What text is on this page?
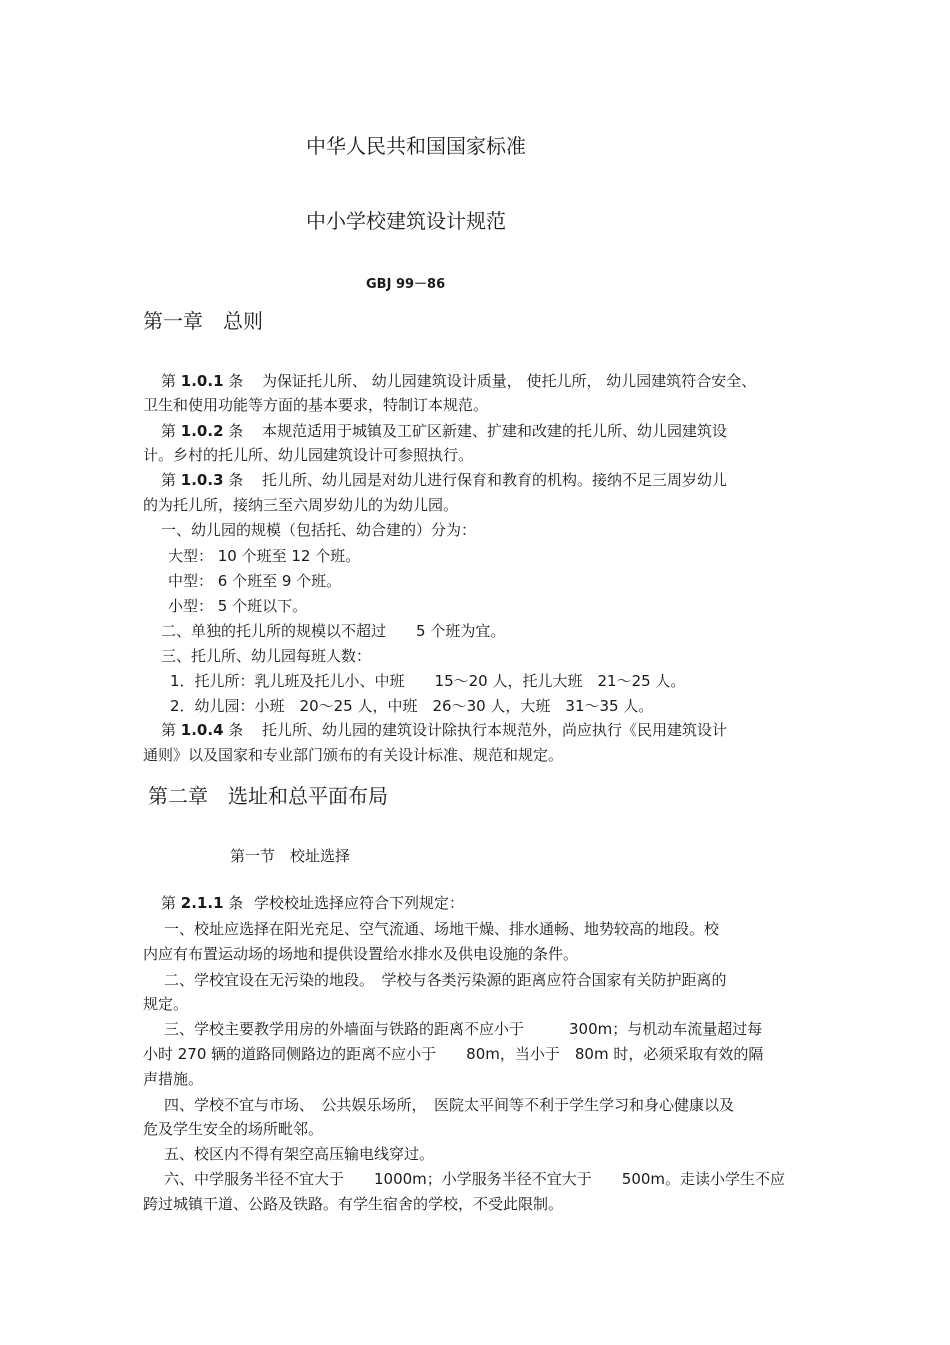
中华人民共和国国家标准
中小学校建筑设计规范
GBJ 99－86
第一章　总则
第 1.0.1 条 为保证托儿所、 幼儿园建筑设计质量， 使托儿所， 幼儿园建筑符合安全、
卫生和使用功能等方面的基本要求，特制订本规范。
第 1.0.2 条 本规范适用于城镇及工矿区新建、扩建和改建的托儿所、幼儿园建筑设
计。乡村的托儿所、幼儿园建筑设计可参照执行。
第 1.0.3 条 托儿所、幼儿园是对幼儿进行保育和教育的机构。接纳不足三周岁幼儿
的为托儿所，接纳三至六周岁幼儿的为幼儿园。
一、幼儿园的规模（包括托、幼合建的）分为：
大型： 10 个班至 12 个班。
中型： 6 个班至 9 个班。
小型： 5 个班以下。
二、单独的托儿所的规模以不超过　　5 个班为宜。
三、托儿所、幼儿园每班人数：
1．托儿所：乳儿班及托儿小、中班　　15～20 人，托儿大班　21～25 人。
2．幼儿园：小班　20～25 人，中班　26～30 人，大班　31～35 人。
第 1.0.4 条 托儿所、幼儿园的建筑设计除执行本规范外，尚应执行《民用建筑设计
通则》以及国家和专业部门颁布的有关设计标准、规范和规定。
第二章　选址和总平面布局
第一节　校址选择
第 2.1.1 条 学校校址选择应符合下列规定：
一、校址应选择在阳光充足、空气流通、场地干燥、排水通畅、地势较高的地段。校
内应有布置运动场的场地和提供设置给水排水及供电设施的条件。
二、学校宜设在无污染的地段。　学校与各类污染源的距离应符合国家有关防护距离的
规定。
三、学校主要教学用房的外墙面与铁路的距离不应小于　　　300m；与机动车流量超过每
小时 270 辆的道路同侧路边的距离不应小于　　80m，当小于　80m 时，必须采取有效的隔
声措施。
四、学校不宜与市场、　公共娱乐场所，　医院太平间等不利于学生学习和身心健康以及
危及学生安全的场所毗邻。
五、校区内不得有架空高压输电线穿过。
六、中学服务半径不宜大于　　1000m；小学服务半径不宜大于　　500m。走读小学生不应
跨过城镇干道、公路及铁路。有学生宿舍的学校，不受此限制。
